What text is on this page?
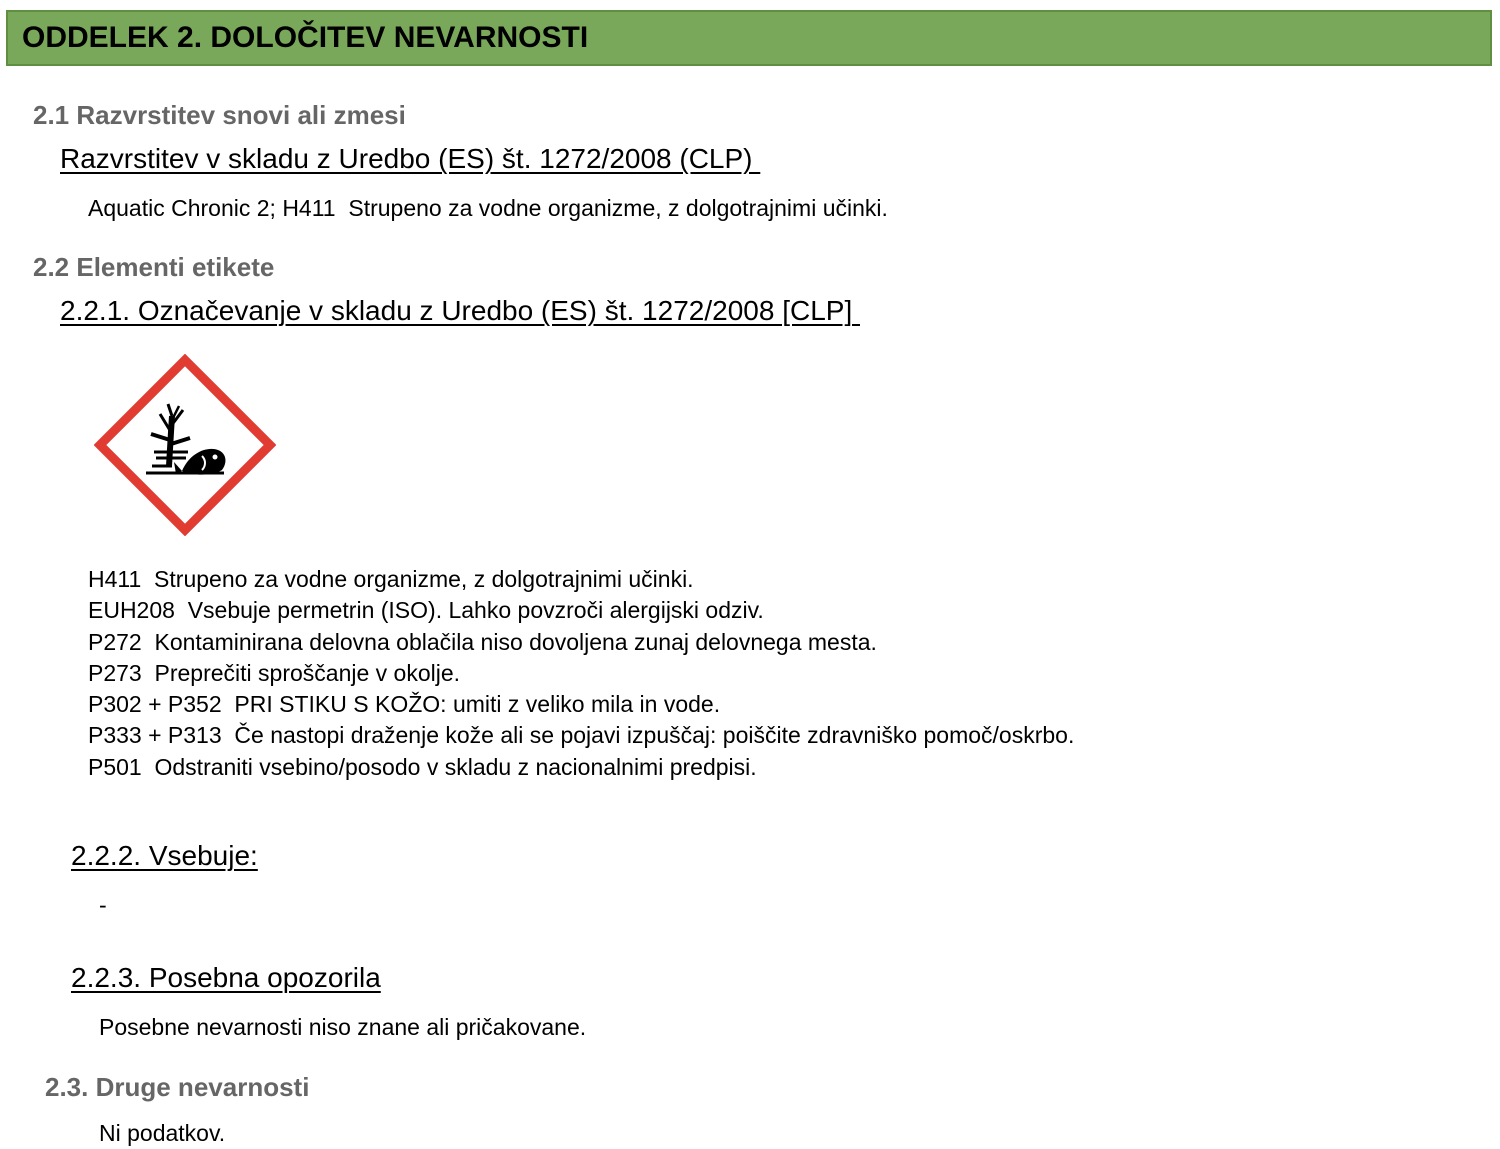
ODDELEK 2. DOLOČITEV NEVARNOSTI
2.1 Razvrstitev snovi ali zmesi
Razvrstitev v skladu z Uredbo (ES) št. 1272/2008 (CLP)
Aquatic Chronic 2; H411  Strupeno za vodne organizme, z dolgotrajnimi učinki.
2.2 Elementi etikete
2.2.1. Označevanje v skladu z Uredbo (ES) št. 1272/2008 [CLP]
H411  Strupeno za vodne organizme, z dolgotrajnimi učinki.
EUH208  Vsebuje permetrin (ISO). Lahko povzroči alergijski odziv.
P272  Kontaminirana delovna oblačila niso dovoljena zunaj delovnega mesta.
P273  Preprečiti sproščanje v okolje.
P302 + P352  PRI STIKU S KOŽO: umiti z veliko mila in vode.
P333 + P313  Če nastopi draženje kože ali se pojavi izpuščaj: poiščite zdravniško pomoč/oskrbo.
P501  Odstraniti vsebino/posodo v skladu z nacionalnimi predpisi.
2.2.2. Vsebuje:
-
2.2.3. Posebna opozorila
Posebne nevarnosti niso znane ali pričakovane.
2.3. Druge nevarnosti
Ni podatkov.
